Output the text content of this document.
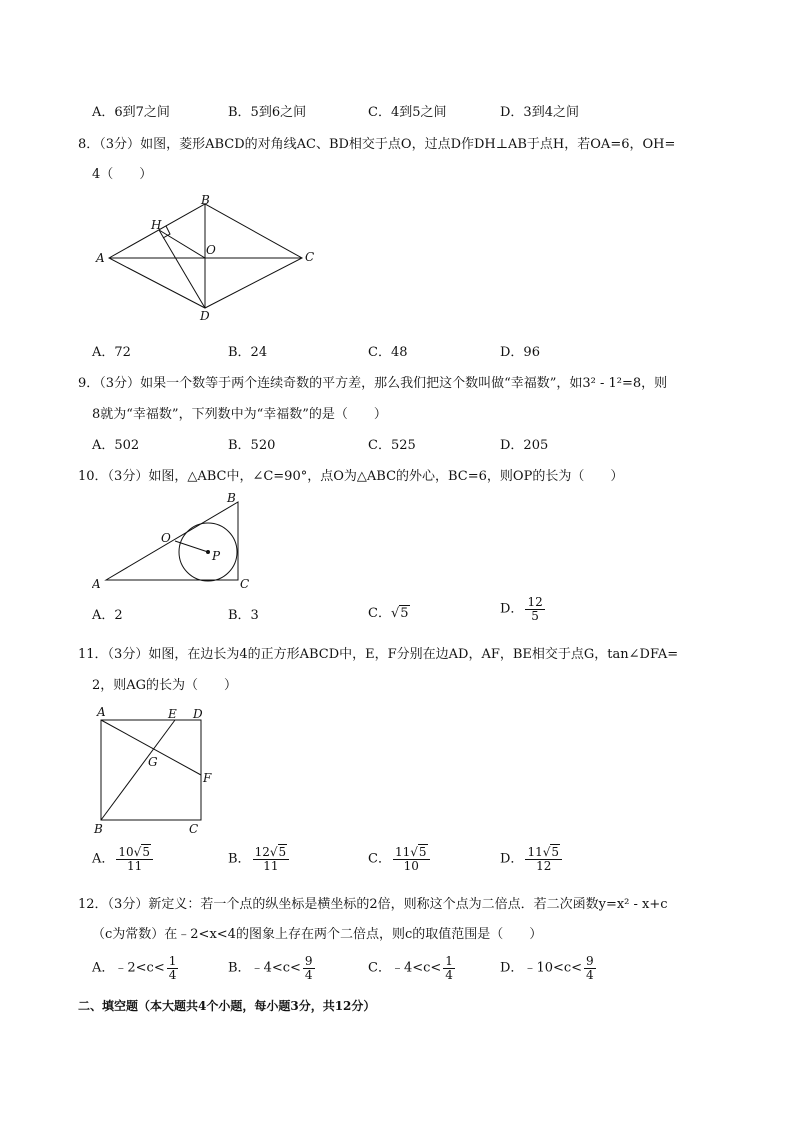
A．6到7之间	B．5到6之间	C．4到5之间	D．3到4之间
8．（3分）如图，菱形ABCD的对角线AC、BD相交于点O，过点D作DH⊥AB于点H，若OA=6，OH=
4（　　）
A
B
C
D
H
O
A．72	B．24	C．48	D．96
9．（3分）如果一个数等于两个连续奇数的平方差，那么我们把这个数叫做“幸福数”，如3² - 1²=8，则
8就为“幸福数”，下列数中为“幸福数”的是（　　）
A．502	B．520	C．525	D．205
10．（3分）如图，△ABC中，∠C=90°，点O为△ABC的外心，BC=6，则OP的长为（　　）
A
B
C
O
P
A．2	B．3	C．√5	D． $\frac{12}{5}$
11．（3分）如图，在边长为4的正方形ABCD中，E，F分别在边AD，AF，BE相交于点G，tan∠DFA=
2，则AG的长为（　　）
A	E D
G
F
B	C
A． $\frac{10√5}{11}$	B． $\frac{12√5}{11}$	C． $\frac{11√5}{10}$	D． $\frac{11√5}{12}$
12．（3分）新定义：若一个点的纵坐标是横坐标的2倍，则称这个点为二倍点．若二次函数y=x² - x+c
（c为常数）在﹣2<x<4的图象上存在两个二倍点，则c的取值范围是（　　）
A．﹣2<c< $\frac{1}{4}$	B．﹣4<c< $\frac{9}{4}$	C．﹣4<c< $\frac{1}{4}$	D．﹣10<c< $\frac{9}{4}$
二、填空题（本大题共4个小题，每小题3分，共12分）
